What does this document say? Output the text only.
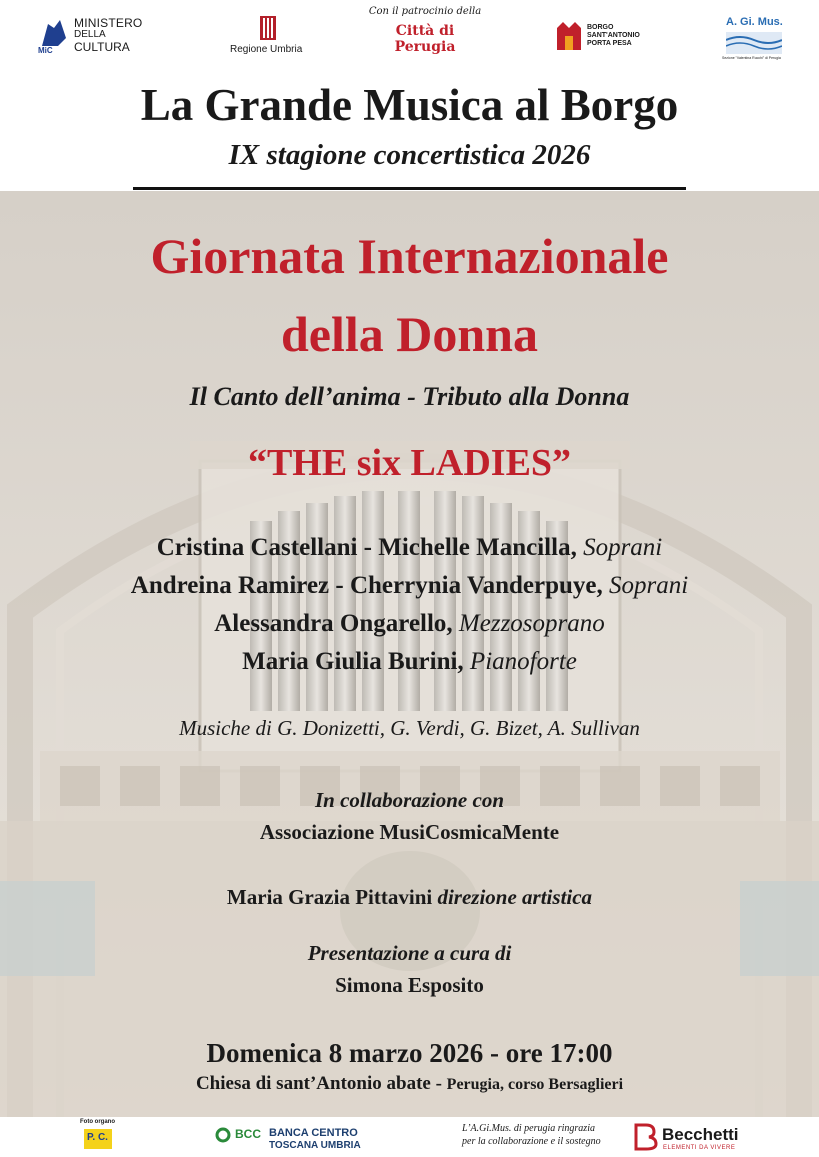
MiC
MINISTERO
DELLA
CULTURA	Regione Umbria
Con il patrocinio della
Città di
Perugia
BORGO
SANT'ANTONIO
PORTA PESA
A. Gi. Mus.
Sezione "Valentina Rucchi" di Perugia
La Grande Musica al Borgo
IX stagione concertistica 2026
Giornata Internazionale
della Donna
Il Canto dell’anima - Tributo alla Donna
“THE six LADIES”
Cristina Castellani - Michelle Mancilla, Soprani
Andreina Ramirez - Cherrynia Vanderpuye, Soprani
Alessandra Ongarello, Mezzosoprano
Maria Giulia Burini, Pianoforte
Musiche di G. Donizetti, G. Verdi, G. Bizet, A. Sullivan
In collaborazione con
Associazione MusiCosmicaMente
Maria Grazia Pittavini direzione artistica
Presentazione a cura di
Simona Esposito
Domenica 8 marzo 2026 - ore 17:00
Chiesa di sant’Antonio abate - Perugia, corso Bersaglieri
Foto organo
P. C.	BCC BANCA CENTRO
TOSCANA UMBRIA
L’A.Gi.Mus. di perugia ringrazia
per la collaborazione e il sostegno	Becchetti
ELEMENTI DA VIVERE
